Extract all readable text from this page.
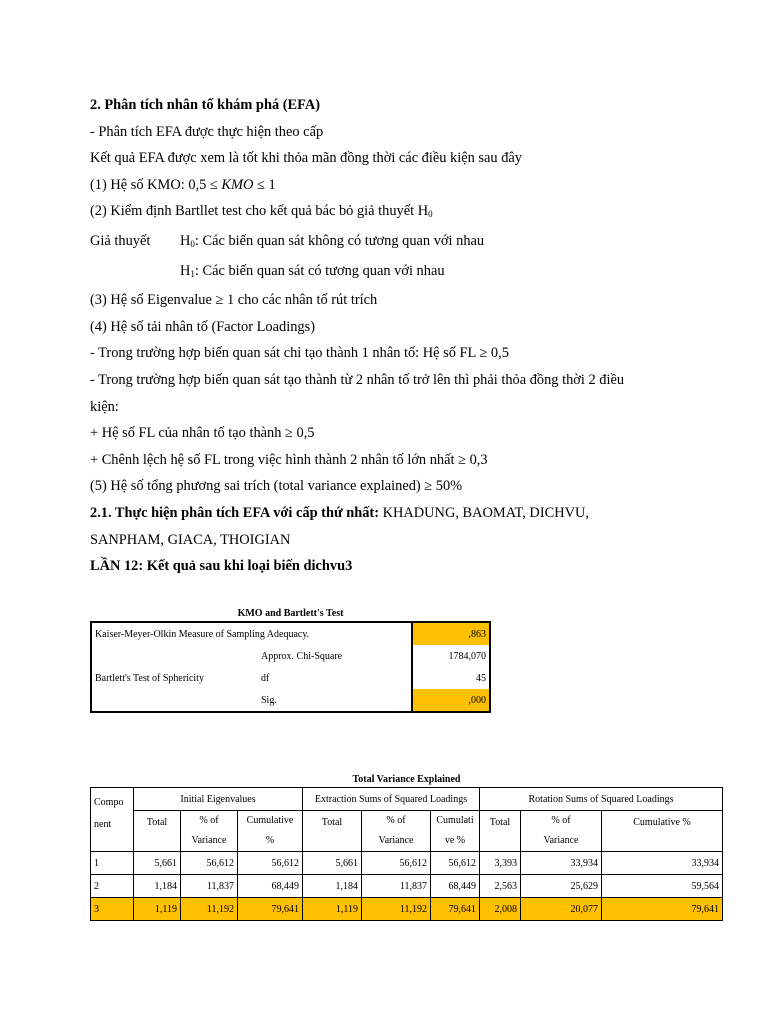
2. Phân tích nhân tố khám phá (EFA)
- Phân tích EFA được thực hiện theo cấp
Kết quả EFA được xem là tốt khi thỏa mãn đồng thời các điều kiện sau đây
(1) Hệ số KMO: 0,5 ≤ KMO ≤ 1
(2) Kiểm định Bartllet test cho kết quả bác bỏ giả thuyết $H_0$
Giả thuyết $H_0$: Các biến quan sát không có tương quan với nhau
$H_1$: Các biến quan sát có tương quan với nhau
(3) Hệ số Eigenvalue ≥ 1 cho các nhân tố rút trích
(4) Hệ số tải nhân tố (Factor Loadings)
- Trong trường hợp biến quan sát chỉ tạo thành 1 nhân tố: Hệ số FL ≥ 0,5
- Trong trường hợp biến quan sát tạo thành từ 2 nhân tố trở lên thì phải thỏa đồng thời 2 điều
kiện:
+ Hệ số FL của nhân tố tạo thành ≥ 0,5
+ Chênh lệch hệ số FL trong việc hình thành 2 nhân tố lớn nhất ≥ 0,3
(5) Hệ số tổng phương sai trích (total variance explained) ≥ 50%
2.1. Thực hiện phân tích EFA với cấp thứ nhất: KHADUNG, BAOMAT, DICHVU,
SANPHAM, GIACA, THOIGIAN
LẦN 12: Kết quả sau khi loại biến dichvu3
KMO and Bartlett's Test
Kaiser-Meyer-Olkin Measure of Sampling Adequacy.		,863
	Approx. Chi-Square	1784,070
Bartlett's Test of Sphericity	df	45
	Sig.	,000
Total Variance Explained
Compo
nent	Initial Eigenvalues			Extraction Sums of Squared Loadings			Rotation Sums of Squared Loadings		
	Total	% of
Variance	Cumulative
%	Total	% of
Variance	Cumulati
ve %	Total	% of
Variance	Cumulative %
1	5,661	56,612	56,612	5,661	56,612	56,612	3,393	33,934	33,934
2	1,184	11,837	68,449	1,184	11,837	68,449	2,563	25,629	59,564
3	1,119	11,192	79,641	1,119	11,192	79,641	2,008	20,077	79,641
